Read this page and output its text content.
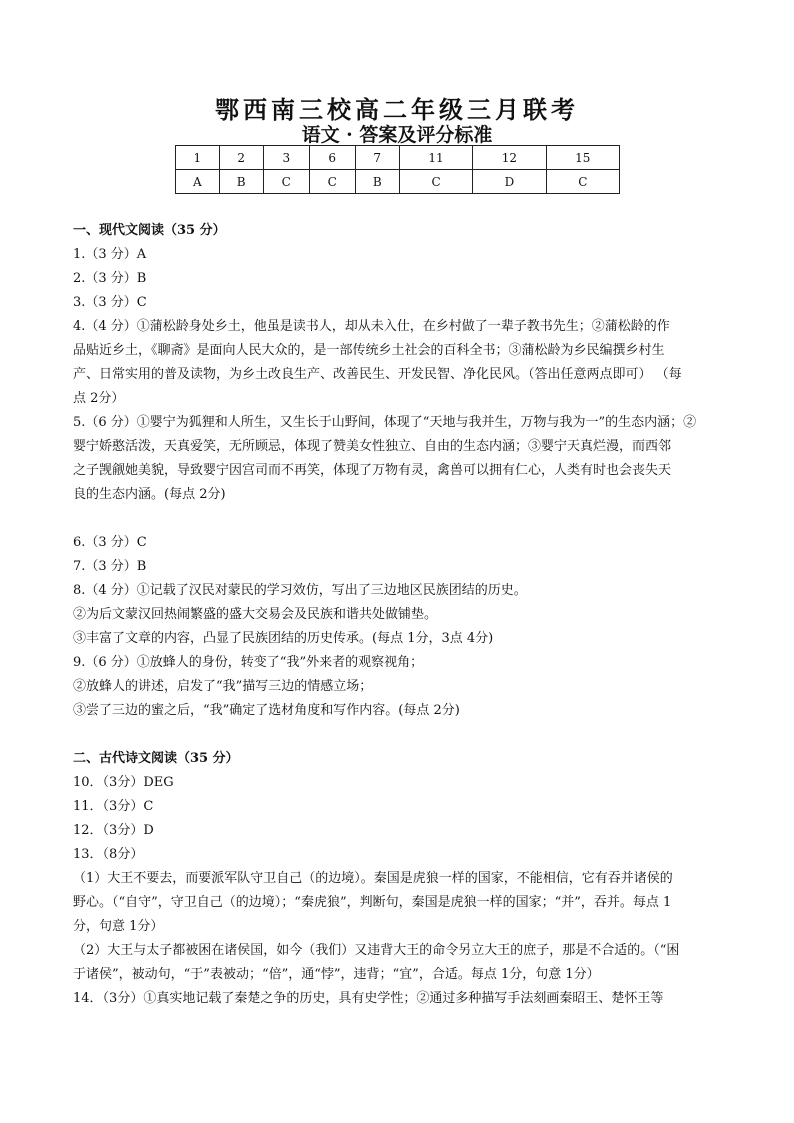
鄂西南三校高二年级三月联考
语文 · 答案及评分标准
1	2	3	6	7	11	12	15
A	B	C	C	B	C	D	C
一、现代文阅读（35 分）
1.（3 分）A
2.（3 分）B
3.（3 分）C
4.（4 分）①蒲松龄身处乡土，他虽是读书人，却从未入仕，在乡村做了一辈子教书先生；②蒲松龄的作
品贴近乡土，《聊斋》是面向人民大众的，是一部传统乡土社会的百科全书；③蒲松龄为乡民编撰乡村生
产、日常实用的普及读物，为乡土改良生产、改善民生、开发民智、净化民风。（答出任意两点即可） （每
点 2分）
5.（6 分）①婴宁为狐狸和人所生，又生长于山野间，体现了“天地与我并生，万物与我为一”的生态内涵；②
婴宁娇憨活泼，天真爱笑，无所顾忌，体现了赞美女性独立、自由的生态内涵；③婴宁天真烂漫，而西邻
之子觊觎她美貌，导致婴宁因宫司而不再笑，体现了万物有灵，禽兽可以拥有仁心，人类有时也会丧失天
良的生态内涵。(每点 2分)
6.（3 分）C
7.（3 分）B
8.（4 分）①记载了汉民对蒙民的学习效仿，写出了三边地区民族团结的历史。
②为后文蒙汉回热闹繁盛的盛大交易会及民族和谐共处做铺垫。
③丰富了文章的内容，凸显了民族团结的历史传承。(每点 1分，3点 4分)
9.（6 分）①放蜂人的身份，转变了“我”外来者的观察视角；
②放蜂人的讲述，启发了“我”描写三边的情感立场；
③尝了三边的蜜之后，“我”确定了选材角度和写作内容。(每点 2分)
二、古代诗文阅读（35 分）
10．（3分）DEG
11．（3分）C
12．（3分）D
13．（8分）
（1）大王不要去，而要派军队守卫自己（的边境）。秦国是虎狼一样的国家，不能相信，它有吞并诸侯的
野心。（“自守”，守卫自己（的边境）；“秦虎狼”，判断句，秦国是虎狼一样的国家；“并”，吞并。每点 1
分，句意 1分）
（2）大王与太子都被困在诸侯国，如今（我们）又违背大王的命令另立大王的庶子，那是不合适的。（“困
于诸侯”，被动句，“于”表被动；“倍”，通“悖”，违背；“宜”，合适。每点 1分，句意 1分）
14．（3分）①真实地记载了秦楚之争的历史，具有史学性；②通过多种描写手法刻画秦昭王、楚怀王等
